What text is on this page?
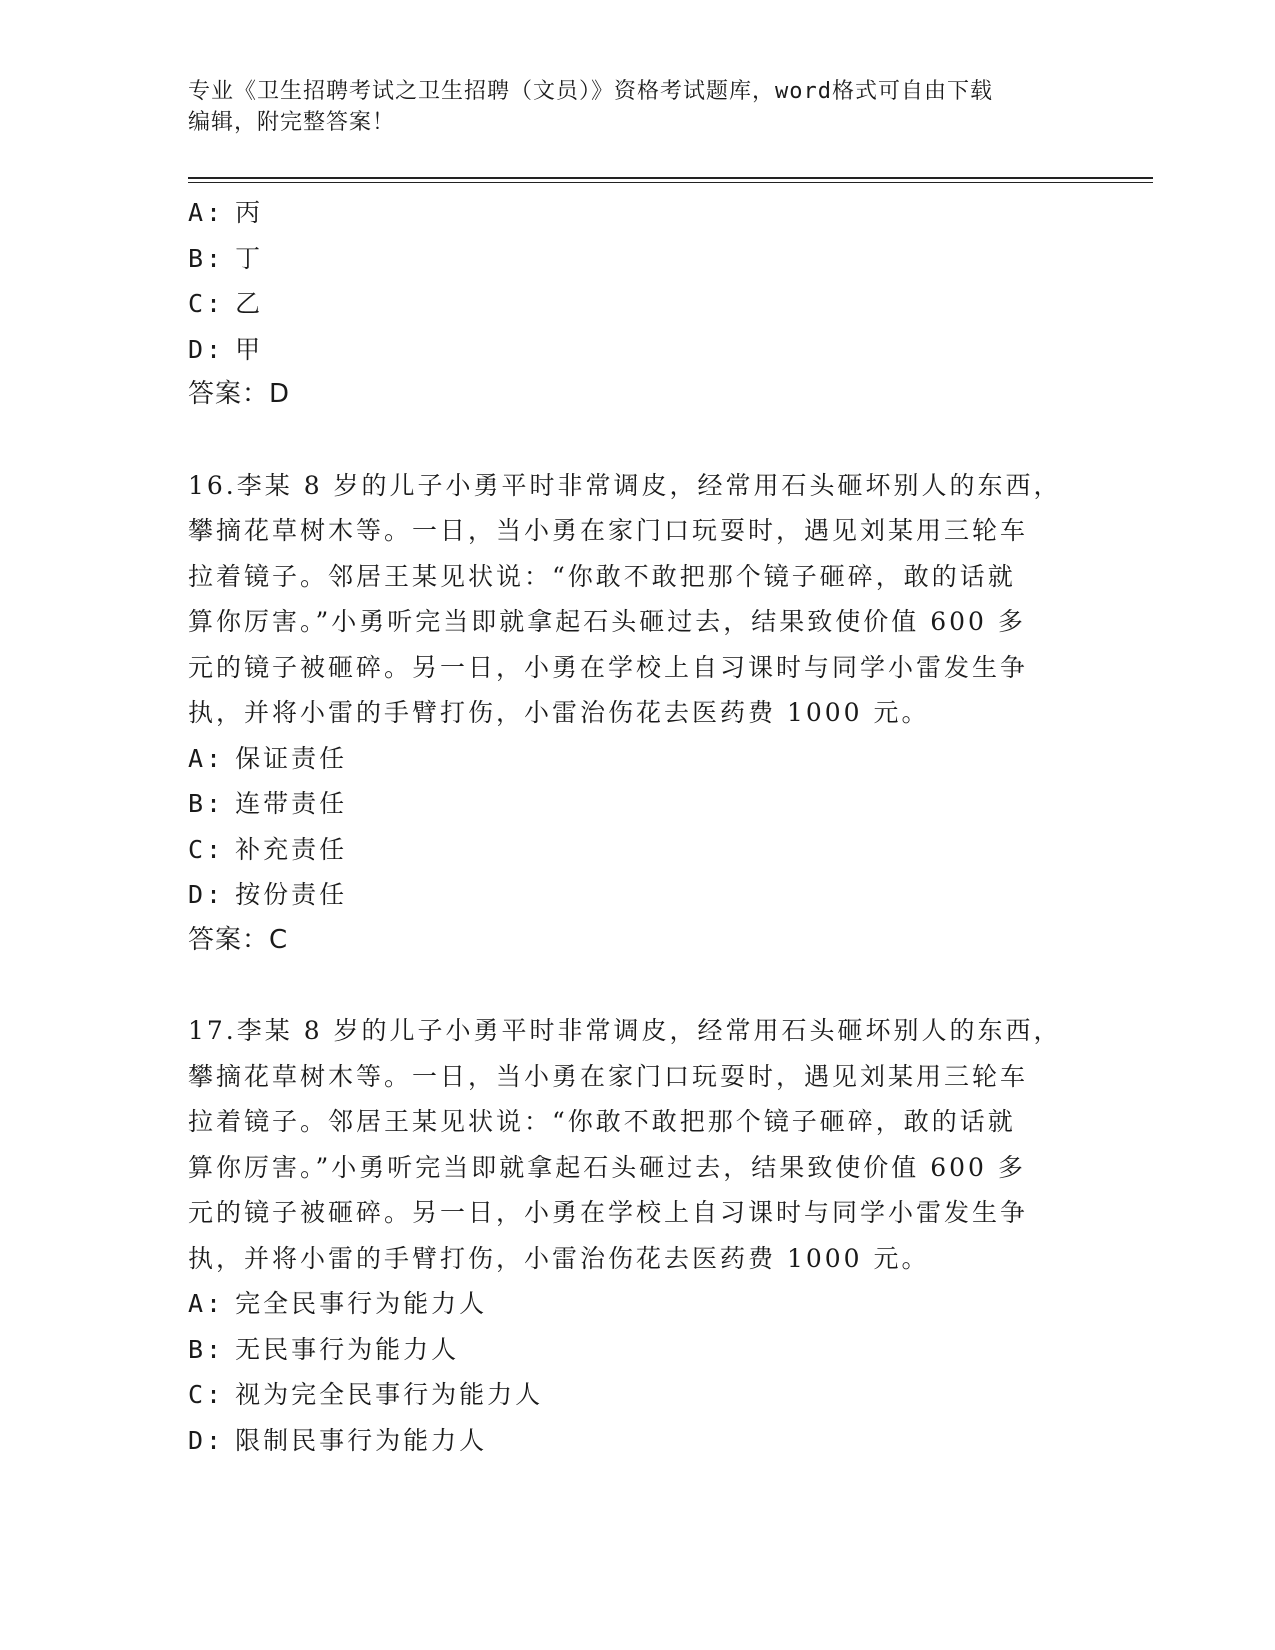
专业《卫生招聘考试之卫生招聘（文员）》资格考试题库，word格式可自由下载
编辑，附完整答案！
A: 丙
B: 丁
C: 乙
D: 甲
答案：D
16.李某 8 岁的儿子小勇平时非常调皮，经常用石头砸坏别人的东西，
攀摘花草树木等。一日，当小勇在家门口玩耍时，遇见刘某用三轮车
拉着镜子。邻居王某见状说：“你敢不敢把那个镜子砸碎，敢的话就
算你厉害。”小勇听完当即就拿起石头砸过去，结果致使价值 600 多
元的镜子被砸碎。另一日，小勇在学校上自习课时与同学小雷发生争
执，并将小雷的手臂打伤，小雷治伤花去医药费 1000 元。
A: 保证责任
B: 连带责任
C: 补充责任
D: 按份责任
答案：C
17.李某 8 岁的儿子小勇平时非常调皮，经常用石头砸坏别人的东西，
攀摘花草树木等。一日，当小勇在家门口玩耍时，遇见刘某用三轮车
拉着镜子。邻居王某见状说：“你敢不敢把那个镜子砸碎，敢的话就
算你厉害。”小勇听完当即就拿起石头砸过去，结果致使价值 600 多
元的镜子被砸碎。另一日，小勇在学校上自习课时与同学小雷发生争
执，并将小雷的手臂打伤，小雷治伤花去医药费 1000 元。
A: 完全民事行为能力人
B: 无民事行为能力人
C: 视为完全民事行为能力人
D: 限制民事行为能力人
